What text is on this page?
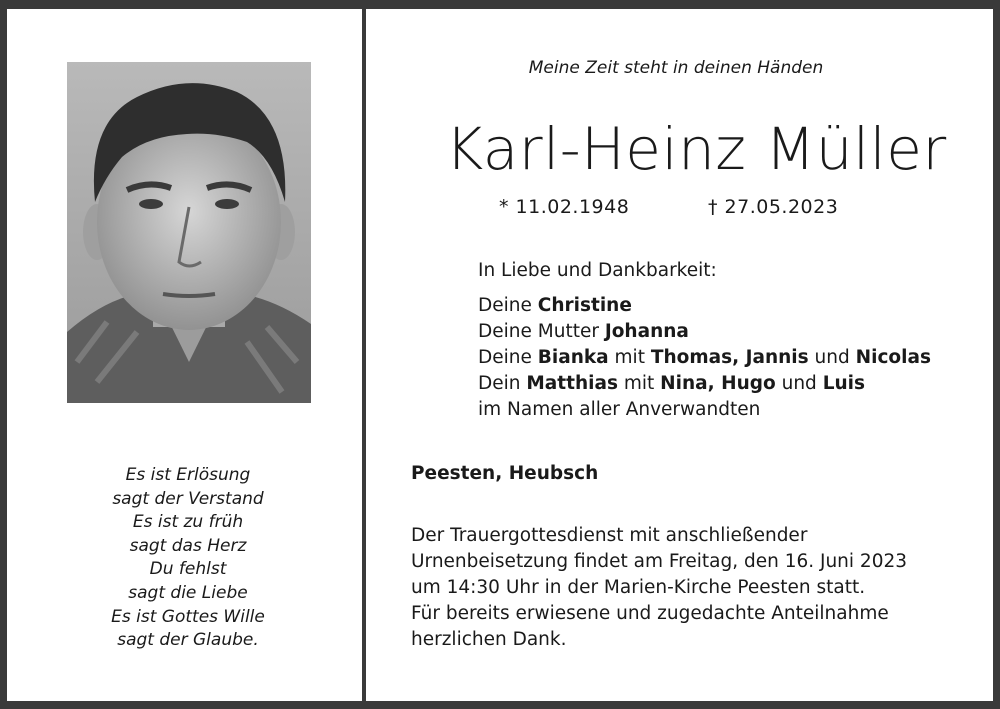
Es ist Erlösung
sagt der Verstand
Es ist zu früh
sagt das Herz
Du fehlst
sagt die Liebe
Es ist Gottes Wille
sagt der Glaube.
Meine Zeit steht in deinen Händen
Karl-Heinz Müller
* 11.02.1948	† 27.05.2023
In Liebe und Dankbarkeit:
Deine Christine
Deine Mutter Johanna
Deine Bianka mit Thomas, Jannis und Nicolas
Dein Matthias mit Nina, Hugo und Luis
im Namen aller Anverwandten
Peesten, Heubsch
Der Trauergottesdienst mit anschließender
Urnenbeisetzung findet am Freitag, den 16. Juni 2023
um 14:30 Uhr in der Marien-Kirche Peesten statt.
Für bereits erwiesene und zugedachte Anteilnahme
herzlichen Dank.
